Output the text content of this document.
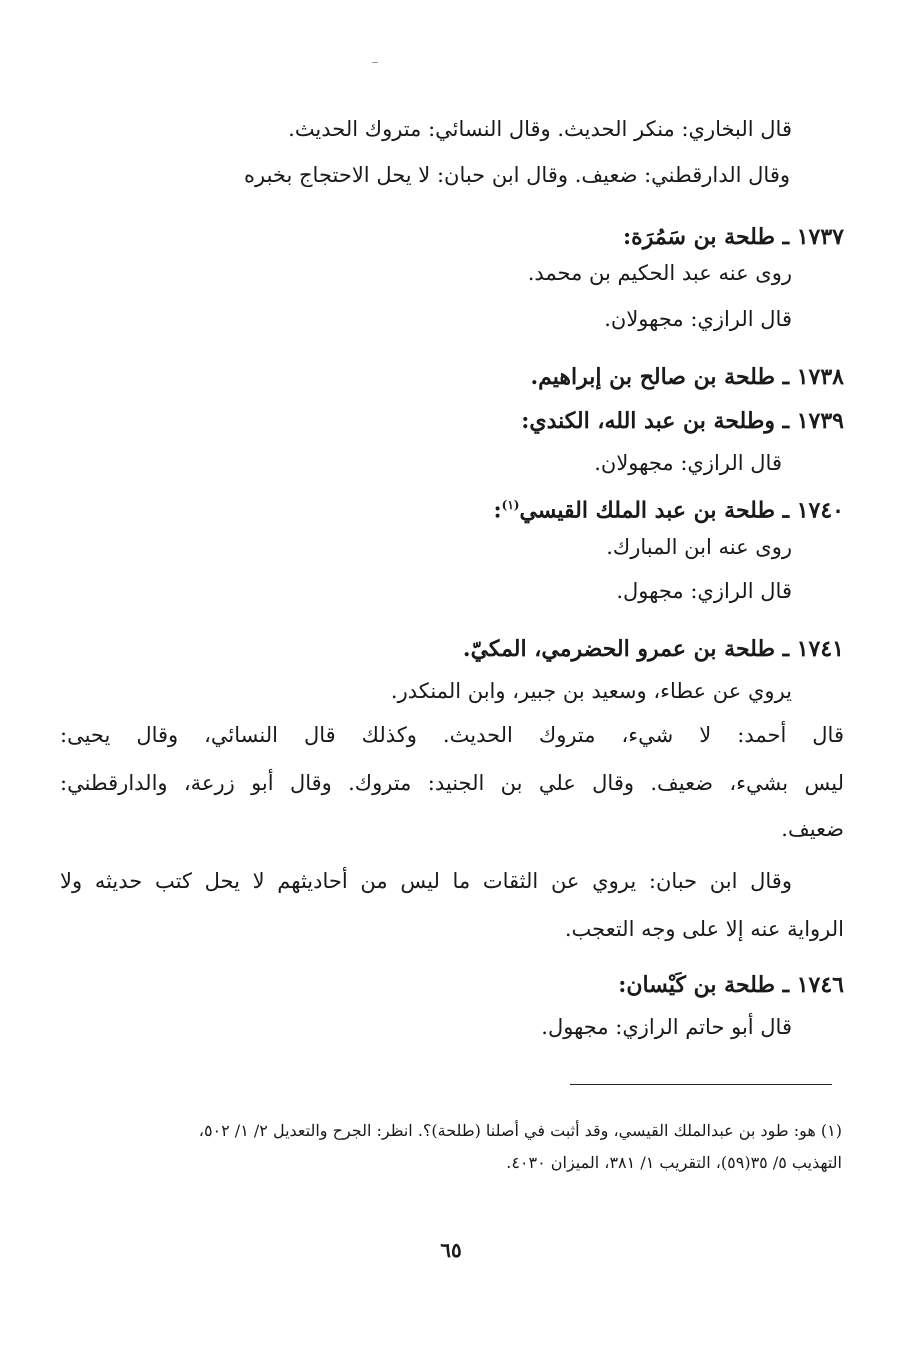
قال البخاري: منكر الحديث. وقال النسائي: متروك الحديث.
وقال الدارقطني: ضعيف. وقال ابن حبان: لا يحل الاحتجاج بخبره
١٧٣٧ ـ طلحة بن سَمُرَة:
روى عنه عبد الحكيم بن محمد.
قال الرازي: مجهولان.
١٧٣٨ ـ طلحة بن صالح بن إبراهيم.
١٧٣٩ ـ وطلحة بن عبد الله، الكندي:
قال الرازي: مجهولان.
١٧٤٠ ـ طلحة بن عبد الملك القيسي$^{(١)}$:
روى عنه ابن المبارك.
قال الرازي: مجهول.
١٧٤١ ـ طلحة بن عمرو الحضرمي، المكيّ.
يروي عن عطاء، وسعيد بن جبير، وابن المنكدر.
قال أحمد: لا شيء، متروك الحديث. وكذلك قال النسائي، وقال يحيى:
ليس بشيء، ضعيف. وقال علي بن الجنيد: متروك. وقال أبو زرعة، والدارقطني:
ضعيف.
وقال ابن حبان: يروي عن الثقات ما ليس من أحاديثهم لا يحل كتب حديثه ولا
الرواية عنه إلا على وجه التعجب.
١٧٤٦ ـ طلحة بن كَيْسان:
قال أبو حاتم الرازي: مجهول.
(١) هو: طود بن عبدالملك القيسي، وقد أثبت في أصلنا (طلحة)؟. انظر: الجرح والتعديل ٢/ ١/ ٥٠٢،
التهذيب ٥/ ٣٥(٥٩)، التقريب ١/ ٣٨١، الميزان ٤٠٣٠.
٦٥
